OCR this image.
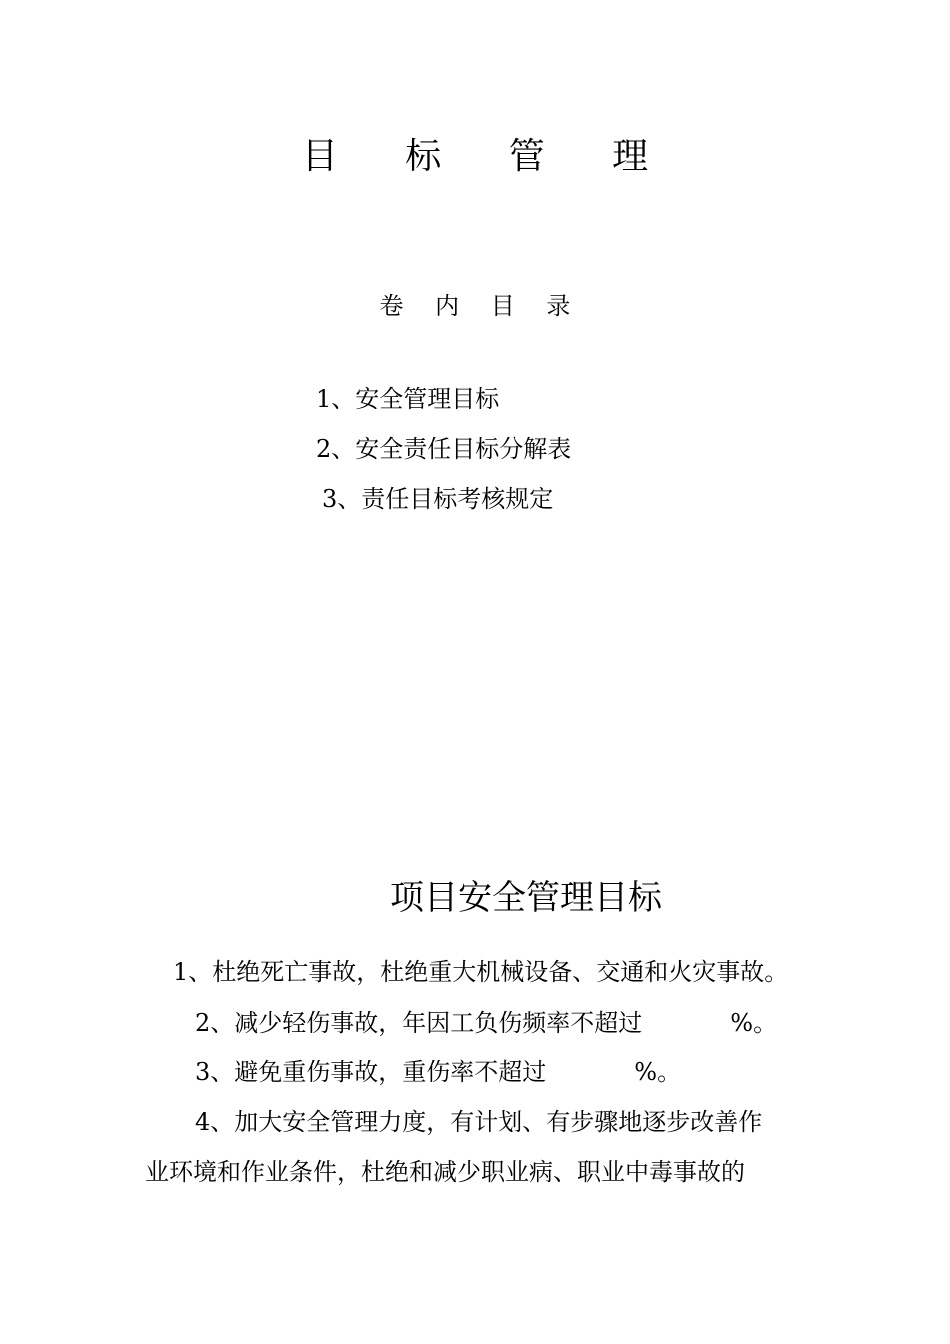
目 标 管 理
卷 内 目 录
1、安全管理目标
2、安全责任目标分解表
3、责任目标考核规定
项目安全管理目标
1、杜绝死亡事故，杜绝重大机械设备、交通和火灾事故。
2、减少轻伤事故，年因工负伤频率不超过	%。
3、避免重伤事故，重伤率不超过	%。
4、加大安全管理力度，有计划、有步骤地逐步改善作
业环境和作业条件，杜绝和减少职业病、职业中毒事故的
